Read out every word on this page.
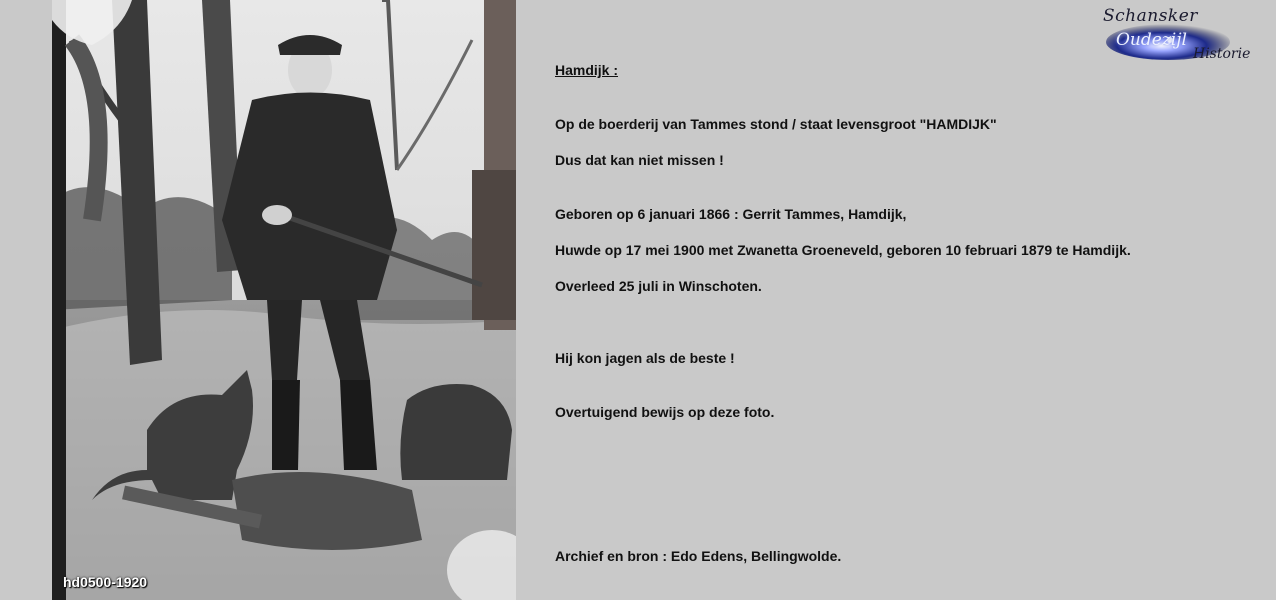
hd0500-1920
Schansker
Oudezijl
Historie
Hamdijk :
Op de boerderij van Tammes stond / staat levensgroot "HAMDIJK"
Dus dat kan niet missen !
Geboren op 6 januari 1866 : Gerrit Tammes, Hamdijk,
Huwde op 17 mei 1900 met Zwanetta Groeneveld, geboren 10 februari 1879 te Hamdijk.
Overleed 25 juli in Winschoten.
Hij kon jagen als de beste !
Overtuigend bewijs op deze foto.
Archief en bron : Edo Edens, Bellingwolde.
